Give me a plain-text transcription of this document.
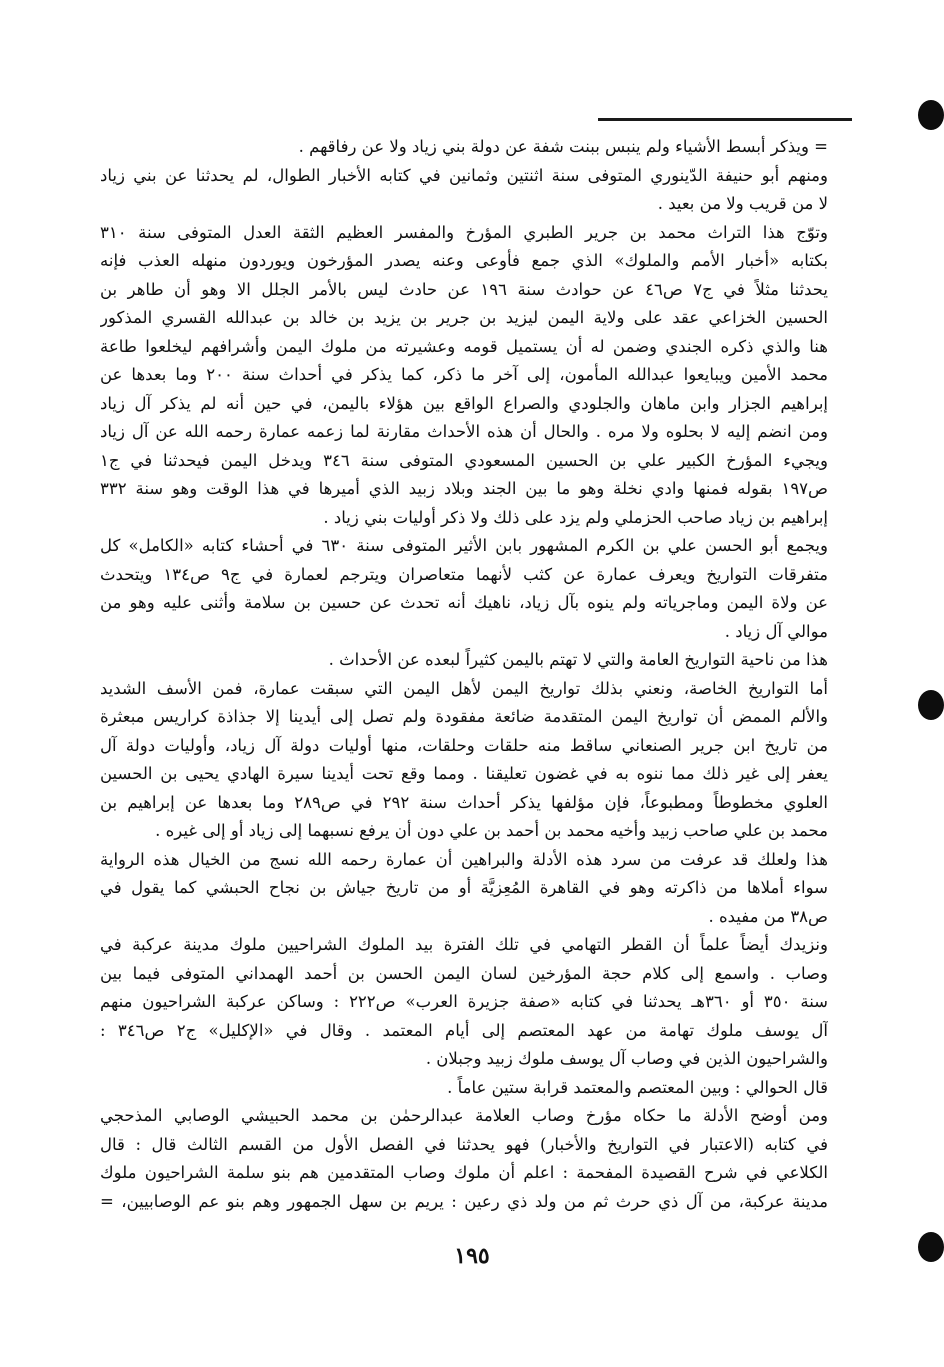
= ويذكر أبسط الأشياء ولم ينبس ببنت شفة عن دولة بني زياد ولا عن رفاقهم .
ومنهم أبو حنيفة الدّينوري المتوفى سنة اثنتين وثمانين في كتابه الأخبار الطوال، لم يحدثنا عن بني زياد
لا من قريب ولا من بعيد .
وتوّج هذا التراث محمد بن جرير الطبري المؤرخ والمفسر العظيم الثقة العدل المتوفى سنة ٣١٠
بكتابه «أخبار الأمم والملوك» الذي جمع فأوعى وعنه يصدر المؤرخون ويوردون منهله العذب فإنه
يحدثنا مثلاً في ج٧ ص٤٦ عن حوادث سنة ١٩٦ عن حادث ليس بالأمر الجلل الا وهو أن طاهر بن
الحسين الخزاعي عقد على ولاية اليمن ليزيد بن جرير بن يزيد بن خالد بن عبدالله القسري المذكور
هنا والذي ذكره الجندي وضمن له أن يستميل قومه وعشيرته من ملوك اليمن وأشرافهم ليخلعوا طاعة
محمد الأمين ويبايعوا عبدالله المأمون، إلى آخر ما ذكر، كما يذكر في أحداث سنة ٢٠٠ وما بعدها عن
إبراهيم الجزار وابن ماهان والجلودي والصراع الواقع بين هؤلاء باليمن، في حين أنه لم يذكر آل زياد
ومن انضم إليه لا بحلوه ولا مره . والحال أن هذه الأحداث مقارنة لما زعمه عمارة رحمه الله عن آل زياد
ويجيء المؤرخ الكبير علي بن الحسين المسعودي المتوفى سنة ٣٤٦ ويدخل اليمن فيحدثنا في ج١
ص١٩٧ بقوله فمنها وادي نخلة وهو ما بين الجند وبلاد زبيد الذي أميرها في هذا الوقت وهو سنة ٣٣٢
إبراهيم بن زياد صاحب الحزملي ولم يزد على ذلك ولا ذكر أوليات بني زياد .
ويجمع أبو الحسن علي بن الكرم المشهور بابن الأثير المتوفى سنة ٦٣٠ في أحشاء كتابه «الكامل» كل
متفرقات التواريخ ويعرف عمارة عن كثب لأنهما متعاصران ويترجم لعمارة في ج٩ ص١٣٤ ويتحدث
عن ولاة اليمن وماجرياته ولم ينوه بآل زياد، ناهيك أنه تحدث عن حسين بن سلامة وأثنى عليه وهو من
موالي آل زياد .
هذا من ناحية التواريخ العامة والتي لا تهتم باليمن كثيراً لبعده عن الأحداث .
أما التواريخ الخاصة، ونعني بذلك تواريخ اليمن لأهل اليمن التي سبقت عمارة، فمن الأسف الشديد
والألم الممض أن تواريخ اليمن المتقدمة ضائعة مفقودة ولم تصل إلى أيدينا إلا جذاذة كراريس مبعثرة
من تاريخ ابن جرير الصنعاني ساقط منه حلقات وحلقات، منها أوليات دولة آل زياد، وأوليات دولة آل
يعفر إلى غير ذلك مما ننوه به في غضون تعليقنا . ومما وقع تحت أيدينا سيرة الهادي يحيى بن الحسين
العلوي مخطوطاً ومطبوعاً، فإن مؤلفها يذكر أحداث سنة ٢٩٢ في ص٢٨٩ وما بعدها عن إبراهيم بن
محمد بن علي صاحب زبيد وأخيه محمد بن أحمد بن علي دون أن يرفع نسبهما إلى زياد أو إلى غيره .
هذا ولعلك قد عرفت من سرد هذه الأدلة والبراهين أن عمارة رحمه الله نسج من الخيال هذه الرواية
سواء أملاها من ذاكرته وهو في القاهرة المُعِزيَّة أو من تاريخ جياش بن نجاح الحبشي كما يقول في
ص٣٨ من مفيده .
ونزيدك أيضاً علماً أن القطر التهامي في تلك الفترة بيد الملوك الشراحيين ملوك مدينة عركبة في
وصاب . واسمع إلى كلام حجة المؤرخين لسان اليمن الحسن بن أحمد الهمداني المتوفى فيما بين
سنة ٣٥٠ أو ٣٦٠هـ يحدثنا في كتابه «صفة جزيرة العرب» ص٢٢٢ : وساكن عركبة الشراحيون منهم
آل يوسف ملوك تهامة من عهد المعتصم إلى أيام المعتمد . وقال في «الإكليل» ج٢ ص٣٤٦ :
والشراحيون الذين في وصاب آل يوسف ملوك زبيد وجبلان .
قال الحوالي : وبين المعتصم والمعتمد قرابة ستين عاماً .
ومن أوضح الأدلة ما حكاه مؤرخ وصاب العلامة عبدالرحمٰن بن محمد الحبيشي الوصابي المذحجي
في كتابه (الاعتبار في التواريخ والأخبار) فهو يحدثنا في الفصل الأول من القسم الثالث قال : قال
الكلاعي في شرح القصيدة المفحمة : اعلم أن ملوك وصاب المتقدمين هم بنو سلمة الشراحيون ملوك
مدينة عركبة، من آل ذي حرث ثم من ولد ذي رعين : يريم بن سهل الجمهور وهم بنو عم الوصابيين، =
١٩٥
